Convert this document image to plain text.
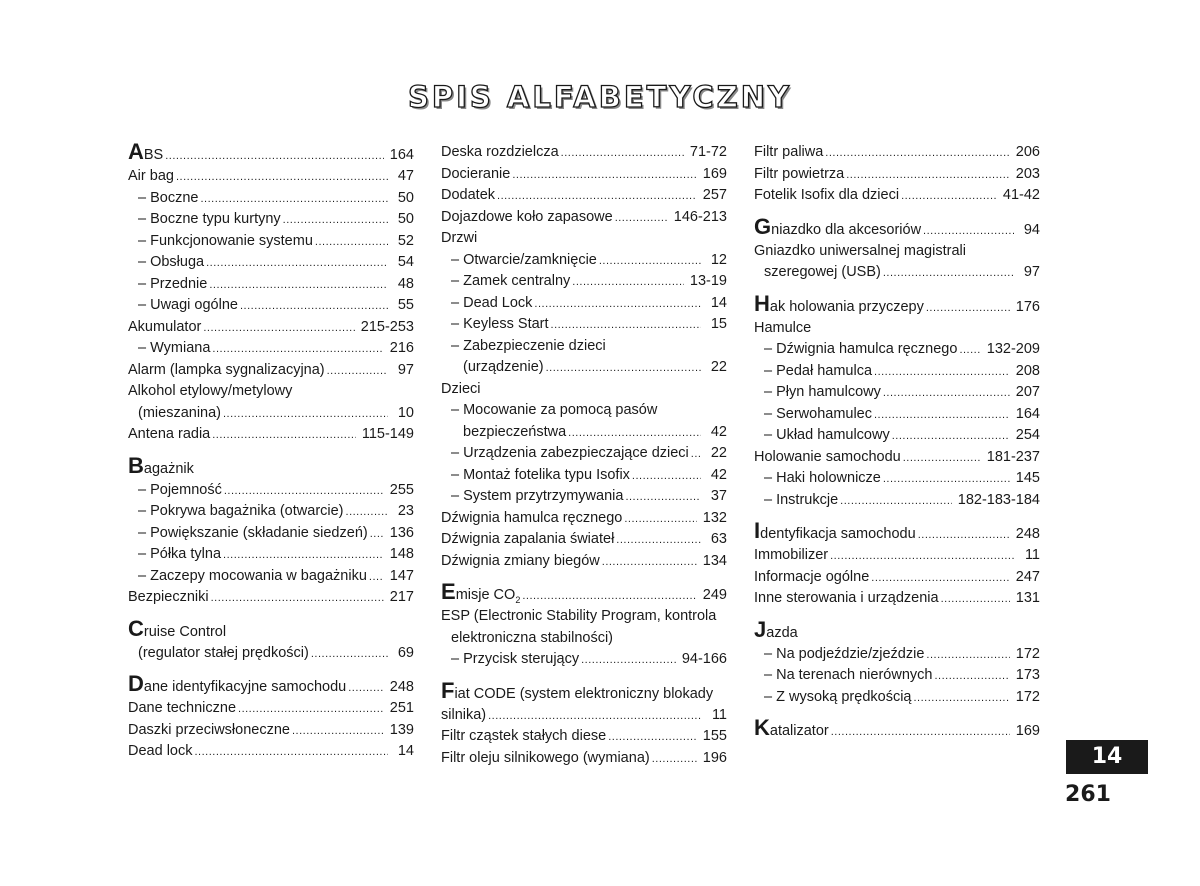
SPIS ALFABETYCZNY
ABS .....	164
Air bag .....	47
– Boczne .....	50
– Boczne typu kurtyny .....	50
– Funkcjonowanie systemu .....	52
– Obsługa .....	54
– Przednie .....	48
– Uwagi ogólne .....	55
Akumulator .....	215-253
– Wymiana .....	216
Alarm (lampka sygnalizacyjna) .....	97
Alkohol etylowy/metylowy
(mieszanina) .....	10
Antena radia .....	115-149
Bagażnik
– Pojemność .....	255
– Pokrywa bagażnika (otwarcie) .....	23
– Powiększanie (składanie siedzeń) ..... 136
– Półka tylna .....	148
– Zaczepy mocowania w bagażniku ..... 147
Bezpieczniki .....	217
Cruise Control
(regulator stałej prędkości) .....	69
Dane identyfikacyjne samochodu .....	248
Dane techniczne .....	251
Daszki przeciwsłoneczne .....	139
Dead lock .....	14
Deska rozdzielcza .....	71-72
Docieranie .....	169
Dodatek .....	257
Dojazdowe koło zapasowe .....	146-213
Drzwi
– Otwarcie/zamknięcie .....	12
– Zamek centralny .....	13-19
– Dead Lock .....	14
– Keyless Start .....	15
– Zabezpieczenie dzieci
(urządzenie) .....	22
Dzieci
– Mocowanie za pomocą pasów
bezpieczeństwa .....	42
– Urządzenia zabezpieczające dzieci ..... 22
– Montaż fotelika typu Isofix .....	42
– System przytrzymywania .....	37
Dźwignia hamulca ręcznego .....	132
Dźwignia zapalania świateł .....	63
Dźwignia zmiany biegów .....	134
Emisje $CO_2$ .....	249
ESP (Electronic Stability Program, kontrola
elektroniczna stabilności)
– Przycisk sterujący .....	94-166
Fiat CODE (system elektroniczny blokady
silnika) .....	11
Filtr cząstek stałych diese .....	155
Filtr oleju silnikowego (wymiana) .....	196
Filtr paliwa .....	206
Filtr powietrza .....	203
Fotelik Isofix dla dzieci .....	41-42
Gniazdko dla akcesoriów .....	94
Gniazdko uniwersalnej magistrali
szeregowej (USB) .....	97
Hak holowania przyczepy .....	176
Hamulce
– Dźwignia hamulca ręcznego ..... 132-209
– Pedał hamulca .....	208
– Płyn hamulcowy .....	207
– Serwohamulec .....	164
– Układ hamulcowy .....	254
Holowanie samochodu .....	181-237
– Haki holownicze .....	145
– Instrukcje .....	182-183-184
Identyfikacja samochodu .....	248
Immobilizer .....	11
Informacje ogólne .....	247
Inne sterowania i urządzenia .....	131
Jazda
– Na podjeździe/zjeździe .....	172
– Na terenach nierównych .....	173
– Z wysoką prędkością .....	172
Katalizator .....	169
14
261
